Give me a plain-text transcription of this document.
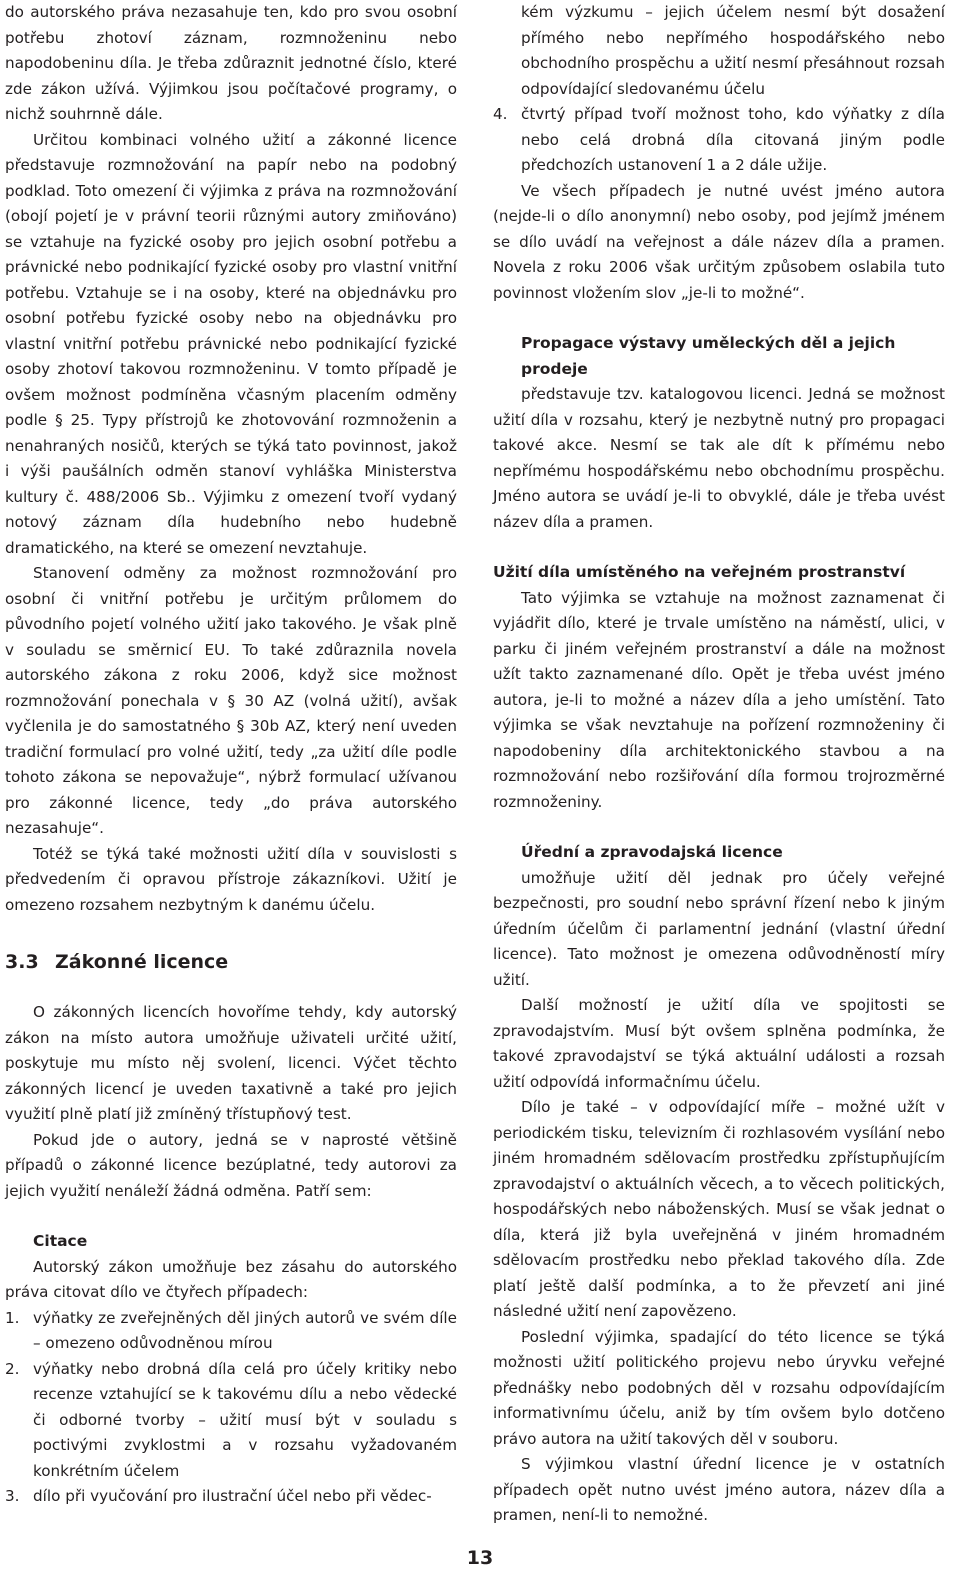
do autorského práva nezasahuje ten, kdo pro svou osobní potřebu zhotoví záznam, rozmnoženinu nebo napodobeninu díla. Je třeba zdůraznit jednotné číslo, které zde zákon užívá. Výjimkou jsou počítačové programy, o nichž souhrnně dále.

Určitou kombinaci volného užití a zákonné licence představuje rozmnožování na papír nebo na podobný podklad. Toto omezení či výjimka z práva na rozmnožování (obojí pojetí je v právní teorii různými autory zmiňováno) se vztahuje na fyzické osoby pro jejich osobní potřebu a právnické nebo podnikající fyzické osoby pro vlastní vnitřní potřebu. Vztahuje se i na osoby, které na objednávku pro osobní potřebu fyzické osoby nebo na objednávku pro vlastní vnitřní potřebu právnické nebo podnikající fyzické osoby zhotoví takovou rozmnoženinu. V tomto případě je ovšem možnost podmíněna včasným placením odměny podle § 25. Typy přístrojů ke zhotovování rozmnoženin a nenahraných nosičů, kterých se týká tato povinnost, jakož i výši paušálních odměn stanoví vyhláška Ministerstva kultury č. 488/2006 Sb.. Výjimku z omezení tvoří vydaný notový záznam díla hudebního nebo hudebně dramatického, na které se omezení nevztahuje.

Stanovení odměny za možnost rozmnožování pro osobní či vnitřní potřebu je určitým průlomem do původního pojetí volného užití jako takového. Je však plně v souladu se směrnicí EU. To také zdůraznila novela autorského zákona z roku 2006, když sice možnost rozmnožování ponechala v § 30 AZ (volná užití), avšak vyčlenila je do samostatného § 30b AZ, který není uveden tradiční formulací pro volné užití, tedy „za užití díle podle tohoto zákona se nepovažuje“, nýbrž formulací užívanou pro zákonné licence, tedy „do práva autorského nezasahuje“.

Totéž se týká také možnosti užití díla v souvislosti s předvedením či opravou přístroje zákazníkovi. Užití je omezeno rozsahem nezbytným k danému účelu.

3.3 Zákonné licence

O zákonných licencích hovoříme tehdy, kdy autorský zákon na místo autora umožňuje uživateli určité užití, poskytuje mu místo něj svolení, licenci. Výčet těchto zákonných licencí je uveden taxativně a také pro jejich využití plně platí již zmíněný třístupňový test.

Pokud jde o autory, jedná se v naprosté většině případů o zákonné licence bezúplatné, tedy autorovi za jejich využití nenáleží žádná odměna. Patří sem:

Citace

Autorský zákon umožňuje bez zásahu do autorského práva citovat dílo ve čtyřech případech:

1. výňatky ze zveřejněných děl jiných autorů ve svém díle – omezeno odůvodněnou mírou
2. výňatky nebo drobná díla celá pro účely kritiky nebo recenze vztahující se k takovému dílu a nebo vědecké či odborné tvorby – užití musí být v souladu s poctivými zvyklostmi a v rozsahu vyžadovaném konkrétním účelem
3. dílo při vyučování pro ilustrační účel nebo při vědec-

kém výzkumu – jejich účelem nesmí být dosažení přímého nebo nepřímého hospodářského nebo obchodního prospěchu a užití nesmí přesáhnout rozsah odpovídající sledovanému účelu

4. čtvrtý případ tvoří možnost toho, kdo výňatky z díla nebo celá drobná díla citovaná jiným podle předchozích ustanovení 1 a 2 dále užije.

Ve všech případech je nutné uvést jméno autora (nejde-li o dílo anonymní) nebo osoby, pod jejímž jménem se dílo uvádí na veřejnost a dále název díla a pramen. Novela z roku 2006 však určitým způsobem oslabila tuto povinnost vložením slov „je-li to možné“.

Propagace výstavy uměleckých děl a jejich prodeje

představuje tzv. katalogovou licenci. Jedná se možnost užití díla v rozsahu, který je nezbytně nutný pro propagaci takové akce. Nesmí se tak ale dít k přímému nebo nepřímému hospodářskému nebo obchodnímu prospěchu. Jméno autora se uvádí je-li to obvyklé, dále je třeba uvést název díla a pramen.

Užití díla umístěného na veřejném prostranství

Tato výjimka se vztahuje na možnost zaznamenat či vyjádřit dílo, které je trvale umístěno na náměstí, ulici, v parku či jiném veřejném prostranství a dále na možnost užít takto zaznamenané dílo. Opět je třeba uvést jméno autora, je-li to možné a název díla a jeho umístění. Tato výjimka se však nevztahuje na pořízení rozmnoženiny či napodobeniny díla architektonického stavbou a na rozmnožování nebo rozšiřování díla formou trojrozměrné rozmnoženiny.

Úřední a zpravodajská licence

umožňuje užití děl jednak pro účely veřejné bezpečnosti, pro soudní nebo správní řízení nebo k jiným úředním účelům či parlamentní jednání (vlastní úřední licence). Tato možnost je omezena odůvodněností míry užití.

Další možností je užití díla ve spojitosti se zpravodajstvím. Musí být ovšem splněna podmínka, že takové zpravodajství se týká aktuální události a rozsah užití odpovídá informačnímu účelu.

Dílo je také – v odpovídající míře – možné užít v periodickém tisku, televizním či rozhlasovém vysílání nebo jiném hromadném sdělovacím prostředku zpřístupňujícím zpravodajství o aktuálních věcech, a to věcech politických, hospodářských nebo náboženských. Musí se však jednat o díla, která již byla uveřejněná v jiném hromadném sdělovacím prostředku nebo překlad takového díla. Zde platí ještě další podmínka, a to že převzetí ani jiné následné užití není zapovězeno.

Poslední výjimka, spadající do této licence se týká možnosti užití politického projevu nebo úryvku veřejné přednášky nebo podobných děl v rozsahu odpovídajícím informativnímu účelu, aniž by tím ovšem bylo dotčeno právo autora na užití takových děl v souboru.

S výjimkou vlastní úřední licence je v ostatních případech opět nutno uvést jméno autora, název díla a pramen, není-li to nemožné.

13
